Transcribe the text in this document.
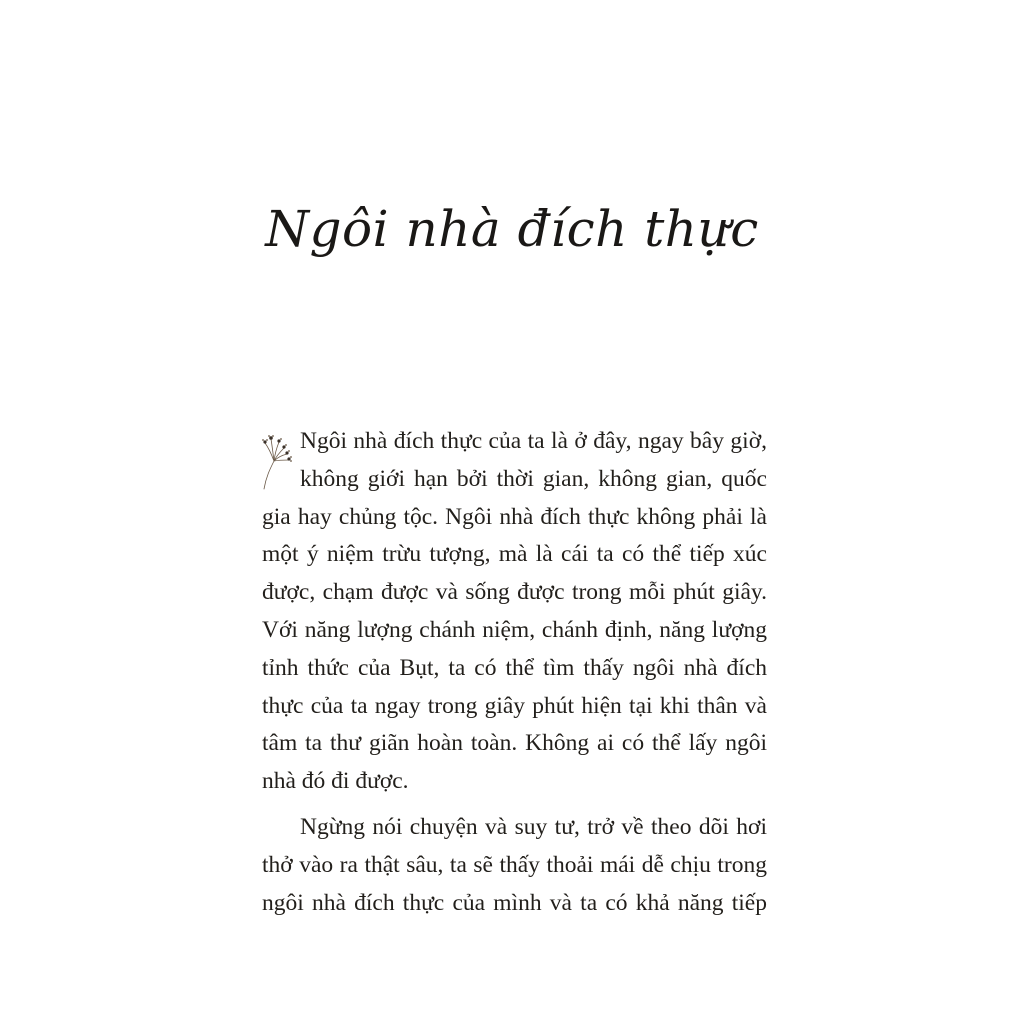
Ngôi nhà đích thực

Ngôi nhà đích thực của ta là ở đây, ngay bây giờ,
không giới hạn bởi thời gian, không gian, quốc
gia hay chủng tộc. Ngôi nhà đích thực không phải là
một ý niệm trừu tượng, mà là cái ta có thể tiếp xúc
được, chạm được và sống được trong mỗi phút giây.
Với năng lượng chánh niệm, chánh định, năng lượng
tỉnh thức của Bụt, ta có thể tìm thấy ngôi nhà đích
thực của ta ngay trong giây phút hiện tại khi thân và
tâm ta thư giãn hoàn toàn. Không ai có thể lấy ngôi
nhà đó đi được.

Ngừng nói chuyện và suy tư, trở về theo dõi hơi
thở vào ra thật sâu, ta sẽ thấy thoải mái dễ chịu trong
ngôi nhà đích thực của mình và ta có khả năng tiếp
